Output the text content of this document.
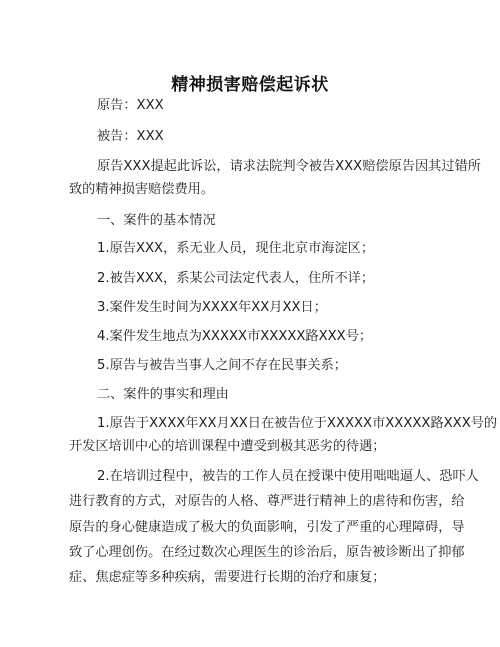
精神损害赔偿起诉状
原告：XXX
被告：XXX
原告XXX提起此诉讼，请求法院判令被告XXX赔偿原告因其过错所
致的精神损害赔偿费用。
一、案件的基本情况
1.原告XXX，系无业人员，现住北京市海淀区；
2.被告XXX，系某公司法定代表人，住所不详；
3.案件发生时间为XXXX年XX月XX日；
4.案件发生地点为XXXXX市XXXXX路XXX号；
5.原告与被告当事人之间不存在民事关系；
二、案件的事实和理由
1.原告于XXXX年XX月XX日在被告位于XXXXX市XXXXX路XXX号的
开发区培训中心的培训课程中遭受到极其恶劣的待遇；
2.在培训过程中，被告的工作人员在授课中使用咄咄逼人、恐吓人
进行教育的方式，对原告的人格、尊严进行精神上的虐待和伤害，给
原告的身心健康造成了极大的负面影响，引发了严重的心理障碍，导
致了心理创伤。在经过数次心理医生的诊治后，原告被诊断出了抑郁
症、焦虑症等多种疾病，需要进行长期的治疗和康复；
